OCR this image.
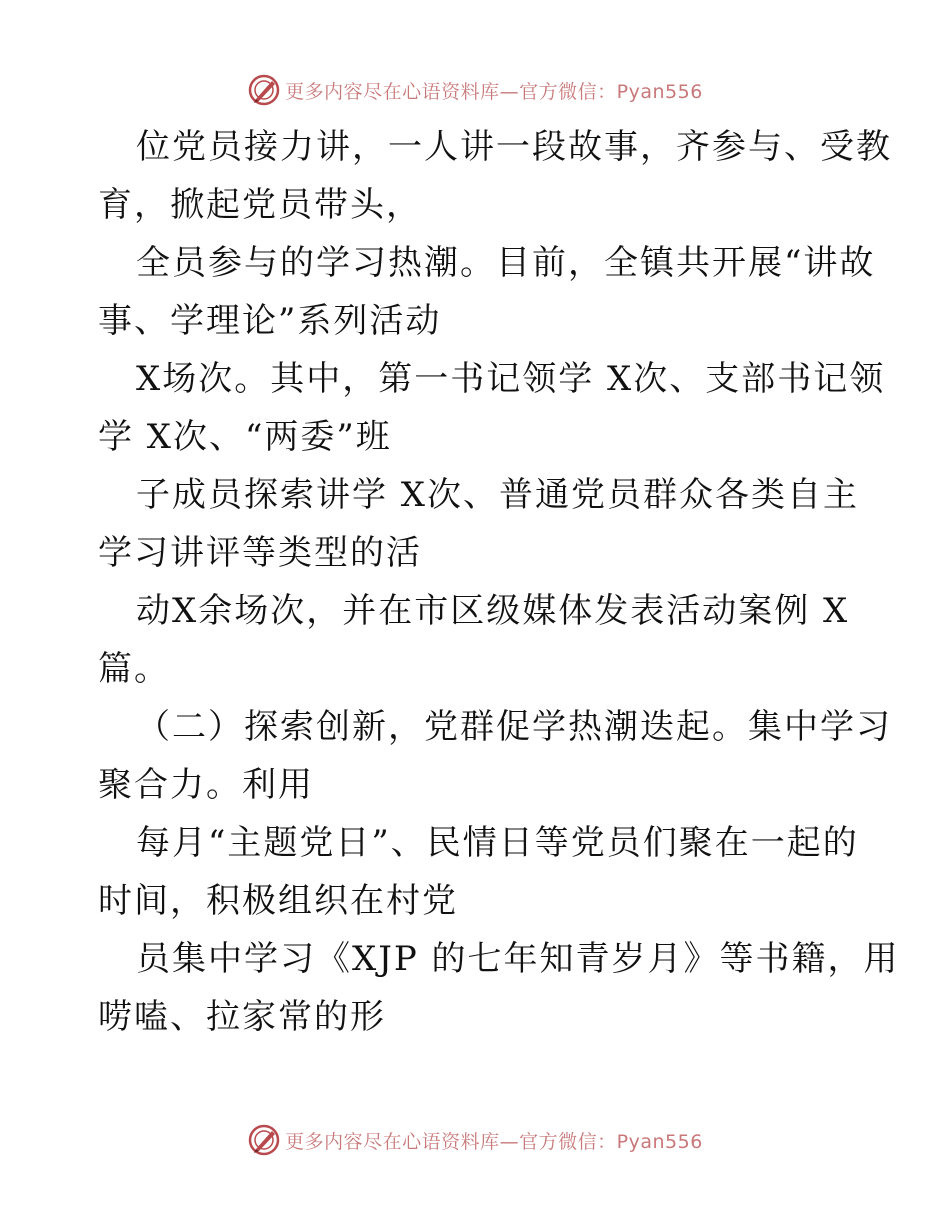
更多内容尽在心语资料库—官方微信：Pyan556
位党员接力讲，一人讲一段故事，齐参与、受教
育，掀起党员带头，
全员参与的学习热潮。目前，全镇共开展“讲故
事、学理论”系列活动
X场次。其中，第一书记领学 X次、支部书记领
学 X次、“两委”班
子成员探索讲学 X次、普通党员群众各类自主
学习讲评等类型的活
动X余场次，并在市区级媒体发表活动案例 X
篇。
（二）探索创新，党群促学热潮迭起。集中学习
聚合力。利用
每月“主题党日”、民情日等党员们聚在一起的
时间，积极组织在村党
员集中学习《XJP 的七年知青岁月》等书籍，用
唠嗑、拉家常的形
更多内容尽在心语资料库—官方微信：Pyan556
